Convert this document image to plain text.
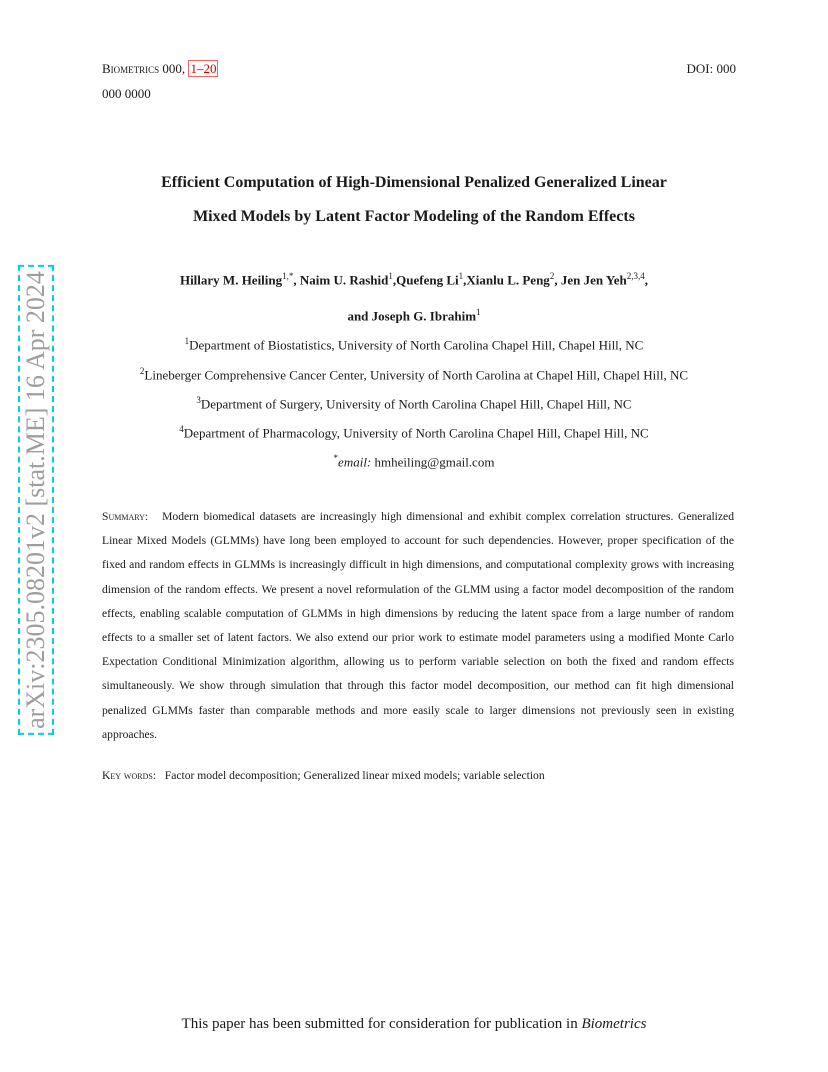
Biometrics 000, 1–20	DOI: 000
000 0000
Efficient Computation of High-Dimensional Penalized Generalized Linear
Mixed Models by Latent Factor Modeling of the Random Effects
Hillary M. Heiling$^{1,*}$, Naim U. Rashid$^1$,Quefeng Li$^1$,Xianlu L. Peng$^2$, Jen Jen Yeh$^{2,3,4}$,
and Joseph G. Ibrahim$^1$
$^1$Department of Biostatistics, University of North Carolina Chapel Hill, Chapel Hill, NC
$^2$Lineberger Comprehensive Cancer Center, University of North Carolina at Chapel Hill, Chapel Hill, NC
$^3$Department of Surgery, University of North Carolina Chapel Hill, Chapel Hill, NC
$^4$Department of Pharmacology, University of North Carolina Chapel Hill, Chapel Hill, NC
*email: hmheiling@gmail.com
Summary: Modern biomedical datasets are increasingly high dimensional and exhibit complex correlation structures. Generalized Linear Mixed Models (GLMMs) have long been employed to account for such dependencies. However, proper specification of the fixed and random effects in GLMMs is increasingly difficult in high dimensions, and computational complexity grows with increasing dimension of the random effects. We present a novel reformulation of the GLMM using a factor model decomposition of the random effects, enabling scalable computation of GLMMs in high dimensions by reducing the latent space from a large number of random effects to a smaller set of latent factors. We also extend our prior work to estimate model parameters using a modified Monte Carlo Expectation Conditional Minimization algorithm, allowing us to perform variable selection on both the fixed and random effects simultaneously. We show through simulation that through this factor model decomposition, our method can fit high dimensional penalized GLMMs faster than comparable methods and more easily scale to larger dimensions not previously seen in existing approaches.
Key words: Factor model decomposition; Generalized linear mixed models; variable selection
This paper has been submitted for consideration for publication in Biometrics
arXiv:2305.08201v2 [stat.ME] 16 Apr 2024
